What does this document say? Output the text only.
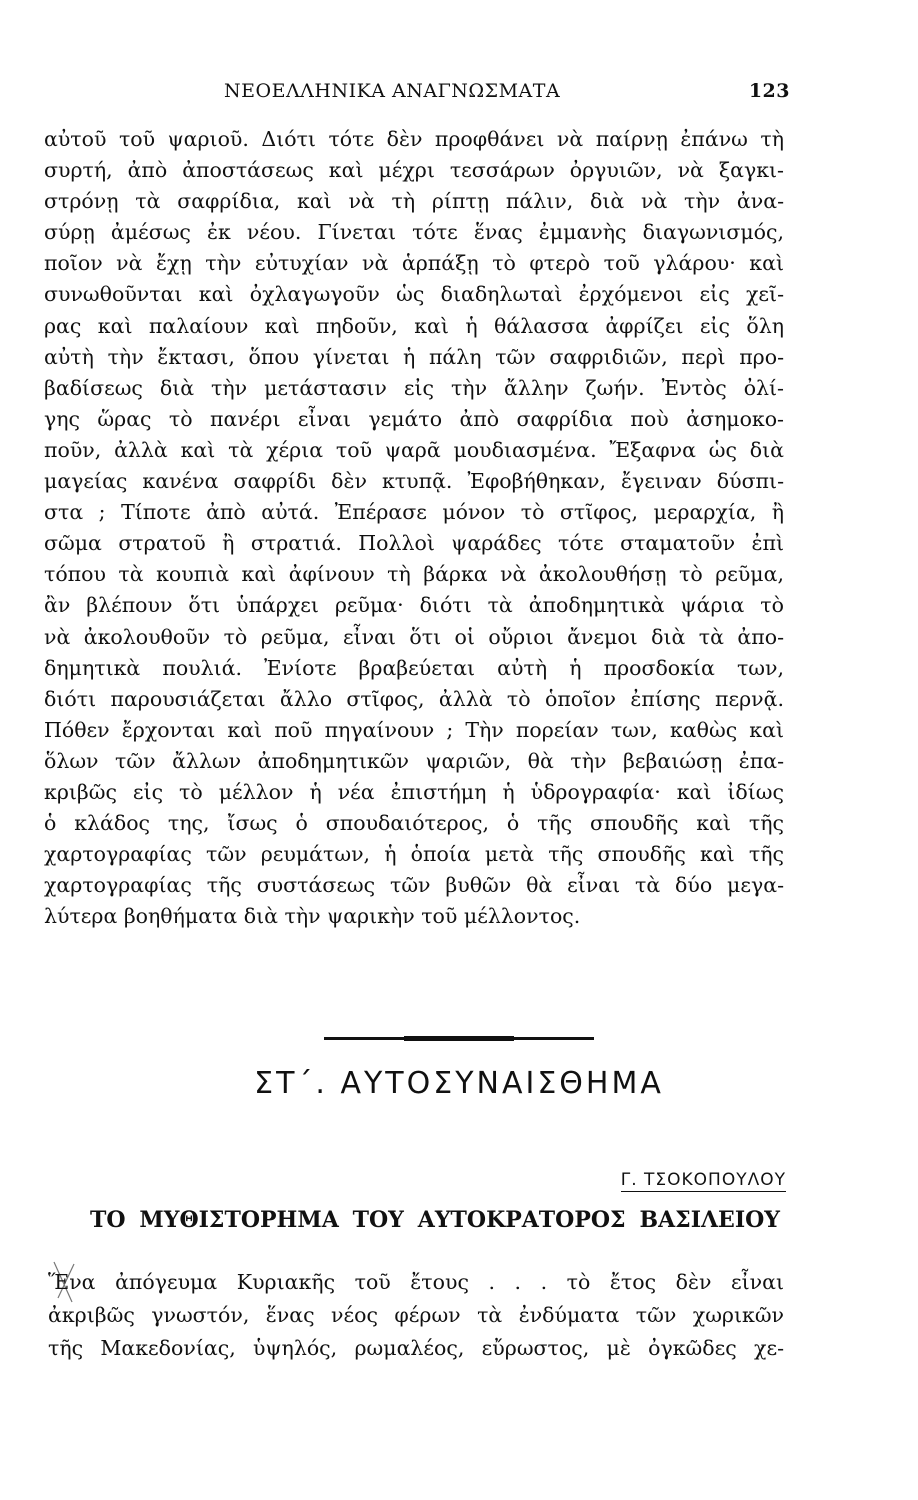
ΝΕΟΕΛΛΗΝΙΚΑ ΑΝΑΓΝΩΣΜΑΤΑ	123
αὐτοῦ τοῦ ψαριοῦ. Διότι τότε δὲν προφθάνει νὰ παίρνῃ ἐπάνω τὴ
συρτή, ἀπὸ ἀποστάσεως καὶ μέχρι τεσσάρων ὀργυιῶν, νὰ ξαγκι-
στρόνῃ τὰ σαφρίδια, καὶ νὰ τὴ ρίπτῃ πάλιν, διὰ νὰ τὴν ἀνα-
σύρῃ ἀμέσως ἐκ νέου. Γίνεται τότε ἕνας ἐμμανὴς διαγωνισμός,
ποῖον νὰ ἔχῃ τὴν εὐτυχίαν νὰ ἁρπάξῃ τὸ φτερὸ τοῦ γλάρου· καὶ
συνωθοῦνται καὶ ὀχλαγωγοῦν ὡς διαδηλωταὶ ἐρχόμενοι εἰς χεῖ-
ρας καὶ παλαίουν καὶ πηδοῦν, καὶ ἡ θάλασσα ἀφρίζει εἰς ὅλη
αὐτὴ τὴν ἔκτασι, ὅπου γίνεται ἡ πάλη τῶν σαφριδιῶν, περὶ προ-
βαδίσεως διὰ τὴν μετάστασιν εἰς τὴν ἄλλην ζωήν. Ἐντὸς ὀλί-
γης ὥρας τὸ πανέρι εἶναι γεμάτο ἀπὸ σαφρίδια ποὺ ἀσημοκο-
ποῦν, ἀλλὰ καὶ τὰ χέρια τοῦ ψαρᾶ μουδιασμένα. Ἔξαφνα ὡς διὰ
μαγείας κανένα σαφρίδι δὲν κτυπᾷ. Ἐφοβήθηκαν, ἔγειναν δύσπι-
στα ; Τίποτε ἀπὸ αὐτά. Ἐπέρασε μόνον τὸ στῖφος, μεραρχία, ἢ
σῶμα στρατοῦ ἢ στρατιά. Πολλοὶ ψαράδες τότε σταματοῦν ἐπὶ
τόπου τὰ κουπιὰ καὶ ἀφίνουν τὴ βάρκα νὰ ἀκολουθήσῃ τὸ ρεῦμα,
ἂν βλέπουν ὅτι ὑπάρχει ρεῦμα· διότι τὰ ἀποδημητικὰ ψάρια τὸ
νὰ ἀκολουθοῦν τὸ ρεῦμα, εἶναι ὅτι οἱ οὔριοι ἄνεμοι διὰ τὰ ἀπο-
δημητικὰ πουλιά. Ἐνίοτε βραβεύεται αὐτὴ ἡ προσδοκία των,
διότι παρουσιάζεται ἄλλο στῖφος, ἀλλὰ τὸ ὁποῖον ἐπίσης περνᾷ.
Πόθεν ἔρχονται καὶ ποῦ πηγαίνουν ; Τὴν πορείαν των, καθὼς καὶ
ὅλων τῶν ἄλλων ἀποδημητικῶν ψαριῶν, θὰ τὴν βεβαιώσῃ ἐπα-
κριβῶς εἰς τὸ μέλλον ἡ νέα ἐπιστήμη ἡ ὑδρογραφία· καὶ ἰδίως
ὁ κλάδος της, ἴσως ὁ σπουδαιότερος, ὁ τῆς σπουδῆς καὶ τῆς
χαρτογραφίας τῶν ρευμάτων, ἡ ὁποία μετὰ τῆς σπουδῆς καὶ τῆς
χαρτογραφίας τῆς συστάσεως τῶν βυθῶν θὰ εἶναι τὰ δύο μεγα-
λύτερα βοηθήματα διὰ τὴν ψαρικὴν τοῦ μέλλοντος.
ΣΤ΄. ΑΥΤΟΣΥΝΑΙΣΘΗΜΑ
Γ. ΤΣΟΚΟΠΟΥΛΟΥ
ΤΟ ΜΥΘΙΣΤΟΡΗΜΑ ΤΟΥ ΑΥΤΟΚΡΑΤΟΡΟΣ ΒΑΣΙΛΕΙΟΥ
Ἕνα ἀπόγευμα Κυριακῆς τοῦ ἔτους . . . τὸ ἔτος δὲν εἶναι
ἀκριβῶς γνωστόν, ἕνας νέος φέρων τὰ ἐνδύματα τῶν χωρικῶν
τῆς Μακεδονίας, ὑψηλός, ρωμαλέος, εὔρωστος, μὲ ὀγκῶδες χε-
